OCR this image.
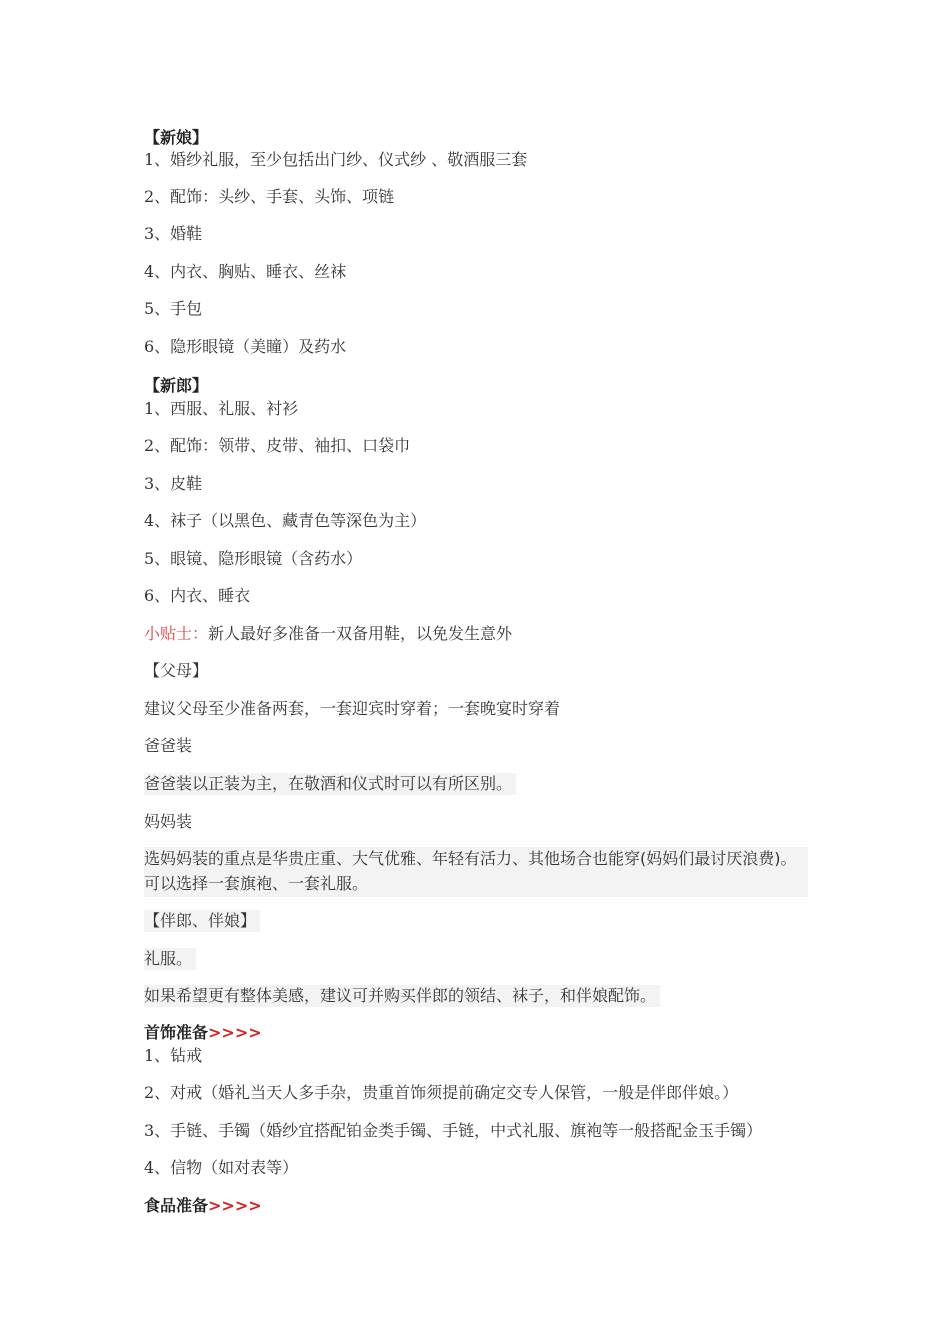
【新娘】
1、婚纱礼服，至少包括出门纱、仪式纱 、敬酒服三套
2、配饰：头纱、手套、头饰、项链
3、婚鞋
4、内衣、胸贴、睡衣、丝袜
5、手包
6、隐形眼镜（美瞳）及药水
【新郎】
1、西服、礼服、衬衫
2、配饰：领带、皮带、袖扣、口袋巾
3、皮鞋
4、袜子（以黑色、藏青色等深色为主）
5、眼镜、隐形眼镜（含药水）
6、内衣、睡衣
小贴士：新人最好多准备一双备用鞋，以免发生意外
【父母】
建议父母至少准备两套，一套迎宾时穿着；一套晚宴时穿着
爸爸装
爸爸装以正装为主，在敬酒和仪式时可以有所区别。
妈妈装
选妈妈装的重点是华贵庄重、大气优雅、年轻有活力、其他场合也能穿(妈妈们最讨厌浪费)。
可以选择一套旗袍、一套礼服。
【伴郎、伴娘】
礼服。
如果希望更有整体美感，建议可并购买伴郎的领结、袜子，和伴娘配饰。
首饰准备>>>>
1、钻戒
2、对戒（婚礼当天人多手杂，贵重首饰须提前确定交专人保管，一般是伴郎伴娘。）
3、手链、手镯（婚纱宜搭配铂金类手镯、手链，中式礼服、旗袍等一般搭配金玉手镯）
4、信物（如对表等）
食品准备>>>>
